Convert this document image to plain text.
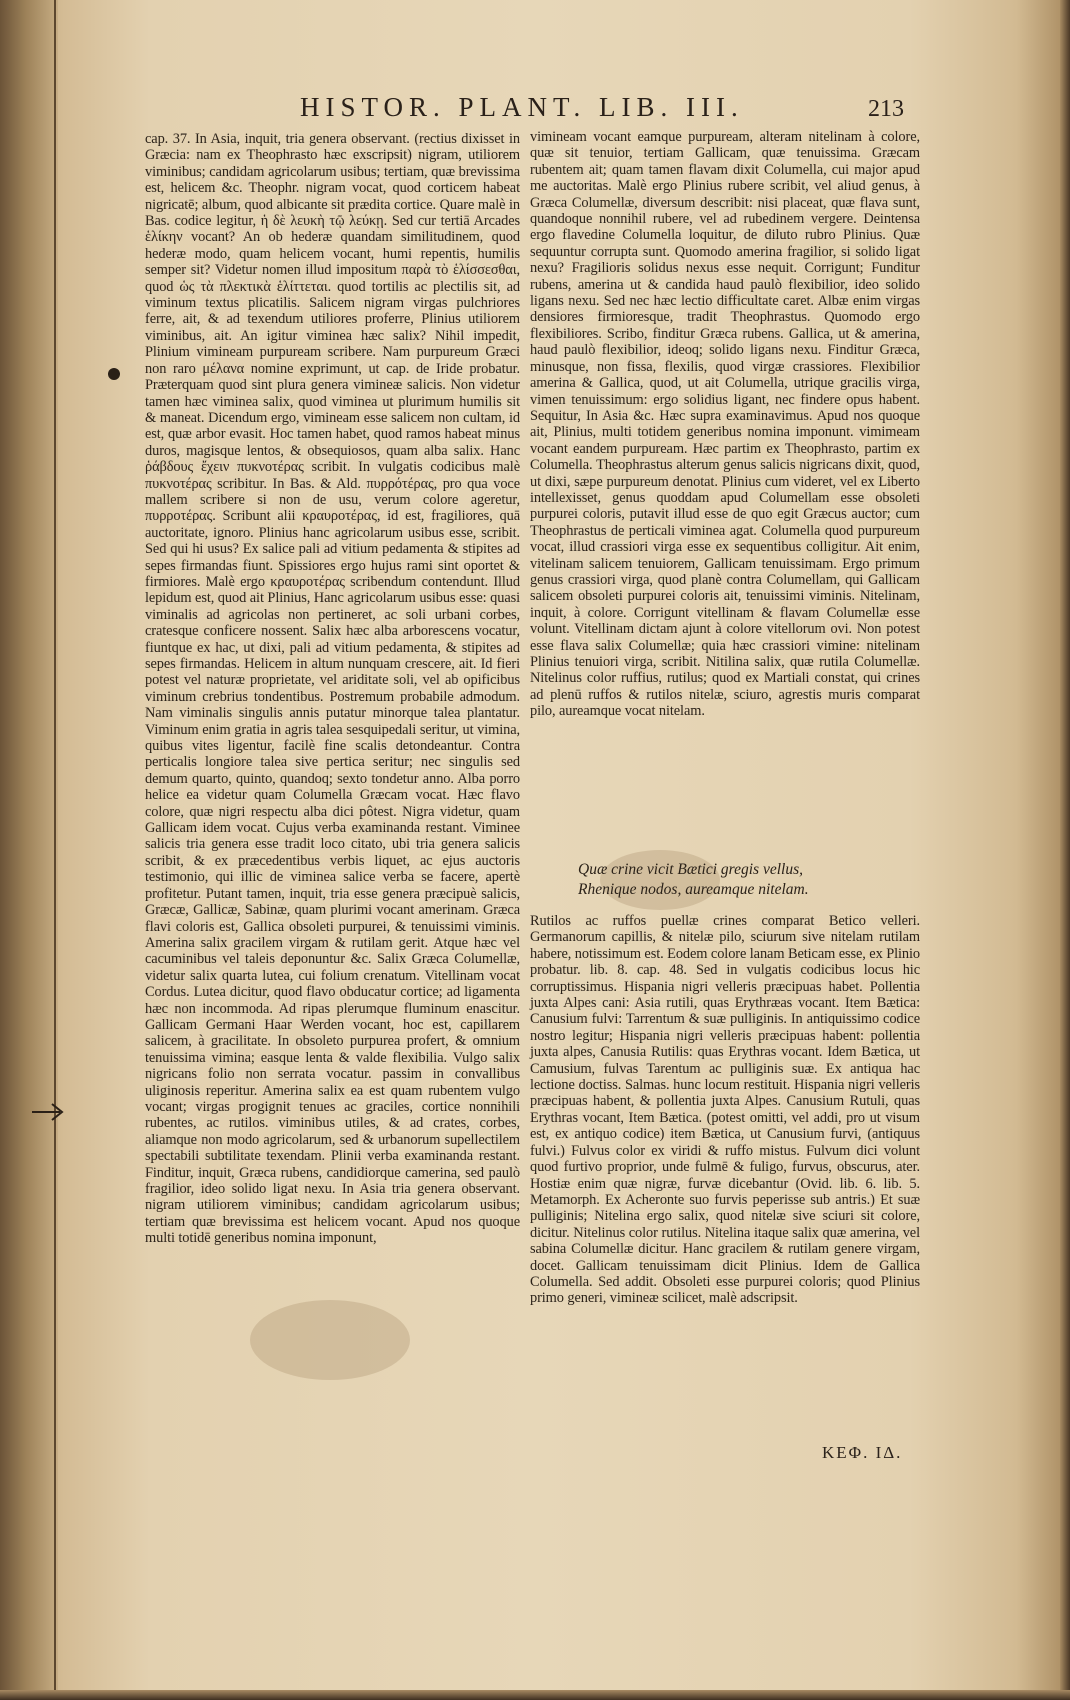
HISTOR. PLANT. LIB. III.	213

cap. 37. In Asia, inquit, tria genera observant. (rectius dixisset in Græcia: nam ex Theophrasto hæc exscripsit) nigram, utiliorem viminibus; candidam agricolarum usibus; tertiam, quæ brevissima est, helicem &c. Theophr. nigram vocat, quod corticem habeat nigricatē; album, quod albicante sit prædita cortice. Quare malè in Bas. codice legitur, ἡ δὲ λευκὴ τῷ λεύκῃ. Sed cur tertiā Arcades ἑλίκην vocant? An ob hederæ quandam similitudinem, quod hederæ modo, quam helicem vocant, humi repentis, humilis semper sit? Videtur nomen illud impositum παρὰ τὸ ἑλίσσεσθαι, quod ὡς τὰ πλεκτικὰ ἑλίττεται. quod tortilis ac plectilis sit, ad viminum textus plicatilis. Salicem nigram virgas pulchriores ferre, ait, & ad texendum utiliores proferre, Plinius utiliorem viminibus, ait. An igitur viminea hæc salix? Nihil impedit, Plinium vimineam purpuream scribere. Nam purpureum Græci non raro μέλανα nomine exprimunt, ut cap. de Iride probatur. Præterquam quod sint plura genera vimineæ salicis. Non videtur tamen hæc viminea salix, quod viminea ut plurimum humilis sit & maneat. Dicendum ergo, vimineam esse salicem non cultam, id est, quæ arbor evasit. Hoc tamen habet, quod ramos habeat minus duros, magisque lentos, & obsequiosos, quam alba salix. Hanc ῥάβδους ἔχειν πυκνοτέρας scribit. In vulgatis codicibus malè πυκνοτέρας scribitur. In Bas. & Ald. πυρρότέρας, pro qua voce mallem scribere si non de usu, verum colore ageretur, πυρρoτέρας. Scribunt alii κραυροτέρας, id est, fragiliores, quā auctoritate, ignoro. Plinius hanc agricolarum usibus esse, scribit. Sed qui hi usus? Ex salice pali ad vitium pedamenta & stipites ad sepes firmandas fiunt. Spissiores ergo hujus rami sint oportet & firmiores. Malè ergo κραυροτέρας scribendum contendunt. Illud lepidum est, quod ait Plinius, Hanc agricolarum usibus esse: quasi viminalis ad agricolas non pertineret, ac soli urbani corbes, cratesque conficere nossent. Salix hæc alba arborescens vocatur, fiuntque ex hac, ut dixi, pali ad vitium pedamenta, & stipites ad sepes firmandas. Helicem in altum nunquam crescere, ait. Id fieri potest vel naturæ proprietate, vel ariditate soli, vel ab opificibus viminum crebrius tondentibus. Postremum probabile admodum. Nam viminalis singulis annis putatur minorque talea plantatur. Viminum enim gratia in agris talea sesquipedali seritur, ut vimina, quibus vites ligentur, facilè fine scalis detondeantur. Contra perticalis longiore talea sive pertica seritur; nec singulis sed demum quarto, quinto, quandoq; sexto tondetur anno. Alba porro helice ea videtur quam Columella Græcam vocat. Hæc flavo colore, quæ nigri respectu alba dici pôtest. Nigra videtur, quam Gallicam idem vocat. Cujus verba examinanda restant. Viminee salicis tria genera esse tradit loco citato, ubi tria genera salicis scribit, & ex præcedentibus verbis liquet, ac ejus auctoris testimonio, qui illic de viminea salice verba se facere, apertè profitetur. Putant tamen, inquit, tria esse genera præcipuè salicis, Græcæ, Gallicæ, Sabinæ, quam plurimi vocant amerinam. Græca flavi coloris est, Gallica obsoleti purpurei, & tenuissimi viminis. Amerina salix gracilem virgam & rutilam gerit. Atque hæc vel cacuminibus vel taleis deponuntur &c. Salix Græca Columellæ, videtur salix quarta lutea, cui folium crenatum. Vitellinam vocat Cordus. Lutea dicitur, quod flavo obducatur cortice; ad ligamenta hæc non incommoda. Ad ripas plerumque fluminum enascitur. Gallicam Germani Haar Werden vocant, hoc est, capillarem salicem, à gracilitate. In obsoleto purpurea profert, & omnium tenuissima vimina; easque lenta & valde flexibilia. Vulgo salix nigricans folio non serrata vocatur. passim in convallibus uliginosis reperitur. Amerina salix ea est quam rubentem vulgo vocant; virgas progignit tenues ac graciles, cortice nonnihili rubentes, ac rutilos. viminibus utiles, & ad crates, corbes, aliamque non modo agricolarum, sed & urbanorum supellectilem spectabili subtilitate texendam. Plinii verba examinanda restant. Finditur, inquit, Græca rubens, candidiorque camerina, sed paulò fragilior, ideo solido ligat nexu. In Asia tria genera observant. nigram utiliorem viminibus; candidam agricolarum usibus; tertiam quæ brevissima est helicem vocant. Apud nos quoque multi totidē generibus nomina imponunt,

vimineam vocant eamque purpuream, alteram nitelinam à colore, quæ sit tenuior, tertiam Gallicam, quæ tenuissima. Græcam rubentem ait; quam tamen flavam dixit Columella, cui major apud me auctoritas. Malè ergo Plinius rubere scribit, vel aliud genus, à Græca Columellæ, diversum describit: nisi placeat, quæ flava sunt, quandoque nonnihil rubere, vel ad rubedinem vergere. Deintensa ergo flavedine Columella loquitur, de diluto rubro Plinius. Quæ sequuntur corrupta sunt. Quomodo amerina fragilior, si solido ligat nexu? Fragilioris solidus nexus esse nequit. Corrigunt; Funditur rubens, amerina ut & candida haud paulò flexibilior, ideo solido ligans nexu. Sed nec hæc lectio difficultate caret. Albæ enim virgas densiores firmioresque, tradit Theophrastus. Quomodo ergo flexibiliores. Scribo, finditur Græca rubens. Gallica, ut & amerina, haud paulò flexibilior, ideoq; solido ligans nexu. Finditur Græca, minusque, non fissa, flexilis, quod virgæ crassiores. Flexibilior amerina & Gallica, quod, ut ait Columella, utrique gracilis virga, vimen tenuissimum: ergo solidius ligant, nec findere opus habent. Sequitur, In Asia &c. Hæc supra examinavimus. Apud nos quoque ait, Plinius, multi totidem generibus nomina imponunt. vimimeam vocant eandem purpuream. Hæc partim ex Theophrasto, partim ex Columella. Theophrastus alterum genus salicis nigricans dixit, quod, ut dixi, sæpe purpureum denotat. Plinius cum videret, vel ex Liberto intellexisset, genus quoddam apud Columellam esse obsoleti purpurei coloris, putavit illud esse de quo egit Græcus auctor; cum Theophrastus de perticali viminea agat. Columella quod purpureum vocat, illud crassiori virga esse ex sequentibus colligitur. Ait enim, vitelinam salicem tenuiorem, Gallicam tenuissimam. Ergo primum genus crassiori virga, quod planè contra Columellam, qui Gallicam salicem obsoleti purpurei coloris ait, tenuissimi viminis. Nitelinam, inquit, à colore. Corrigunt vitellinam & flavam Columellæ esse volunt. Vitellinam dictam ajunt à colore vitellorum ovi. Non potest esse flava salix Columellæ; quia hæc crassiori vimine: nitelinam Plinius tenuiori virga, scribit. Nitilina salix, quæ rutila Columellæ. Nitelinus color ruffius, rutilus; quod ex Martiali constat, qui crines ad plenū ruffos & rutilos nitelæ, sciuro, agrestis muris comparat pilo, aureamque vocat nitelam.

Quæ crine vicit Bætici gregis vellus,

Rhenique nodos, aureamque nitelam.

Rutilos ac ruffos puellæ crines comparat Betico velleri. Germanorum capillis, & nitelæ pilo, sciurum sive nitelam rutilam habere, notissimum est. Eodem colore lanam Beticam esse, ex Plinio probatur. lib. 8. cap. 48. Sed in vulgatis codicibus locus hic corruptissimus. Hispania nigri velleris præcipuas habet. Pollentia juxta Alpes cani: Asia rutili, quas Erythræas vocant. Item Bætica: Canusium fulvi: Tarrentum & suæ pulliginis. In antiquissimo codice nostro legitur; Hispania nigri velleris præcipuas habent: pollentia juxta alpes, Canusia Rutilis: quas Erythras vocant. Idem Bætica, ut Camusium, fulvas Tarentum ac pulliginis suæ. Ex antiqua hac lectione doctiss. Salmas. hunc locum restituit. Hispania nigri velleris præcipuas habent, & pollentia juxta Alpes. Canusium Rutuli, quas Erythras vocant, Item Bætica. (potest omitti, vel addi, pro ut visum est, ex antiquo codice) item Bætica, ut Canusium furvi, (antiquus fulvi.) Fulvus color ex viridi & ruffo mistus. Fulvum dici volunt quod furtivo proprior, unde fulmē & fuligo, furvus, obscurus, ater. Hostiæ enim quæ nigræ, furvæ dicebantur (Ovid. lib. 6. lib. 5. Metamorph. Ex Acheronte suo furvis peperisse sub antris.) Et suæ pulliginis; Nitelina ergo salix, quod nitelæ sive sciuri sit colore, dicitur. Nitelinus color rutilus. Nitelina itaque salix quæ amerina, vel sabina Columellæ dicitur. Hanc gracilem & rutilam genere virgam, docet. Gallicam tenuissimam dicit Plinius. Idem de Gallica Columella. Sed addit. Obsoleti esse purpurei coloris; quod Plinius primo generi, vimineæ scilicet, malè adscripsit.

ΚΕΦ. ΙΔ.
